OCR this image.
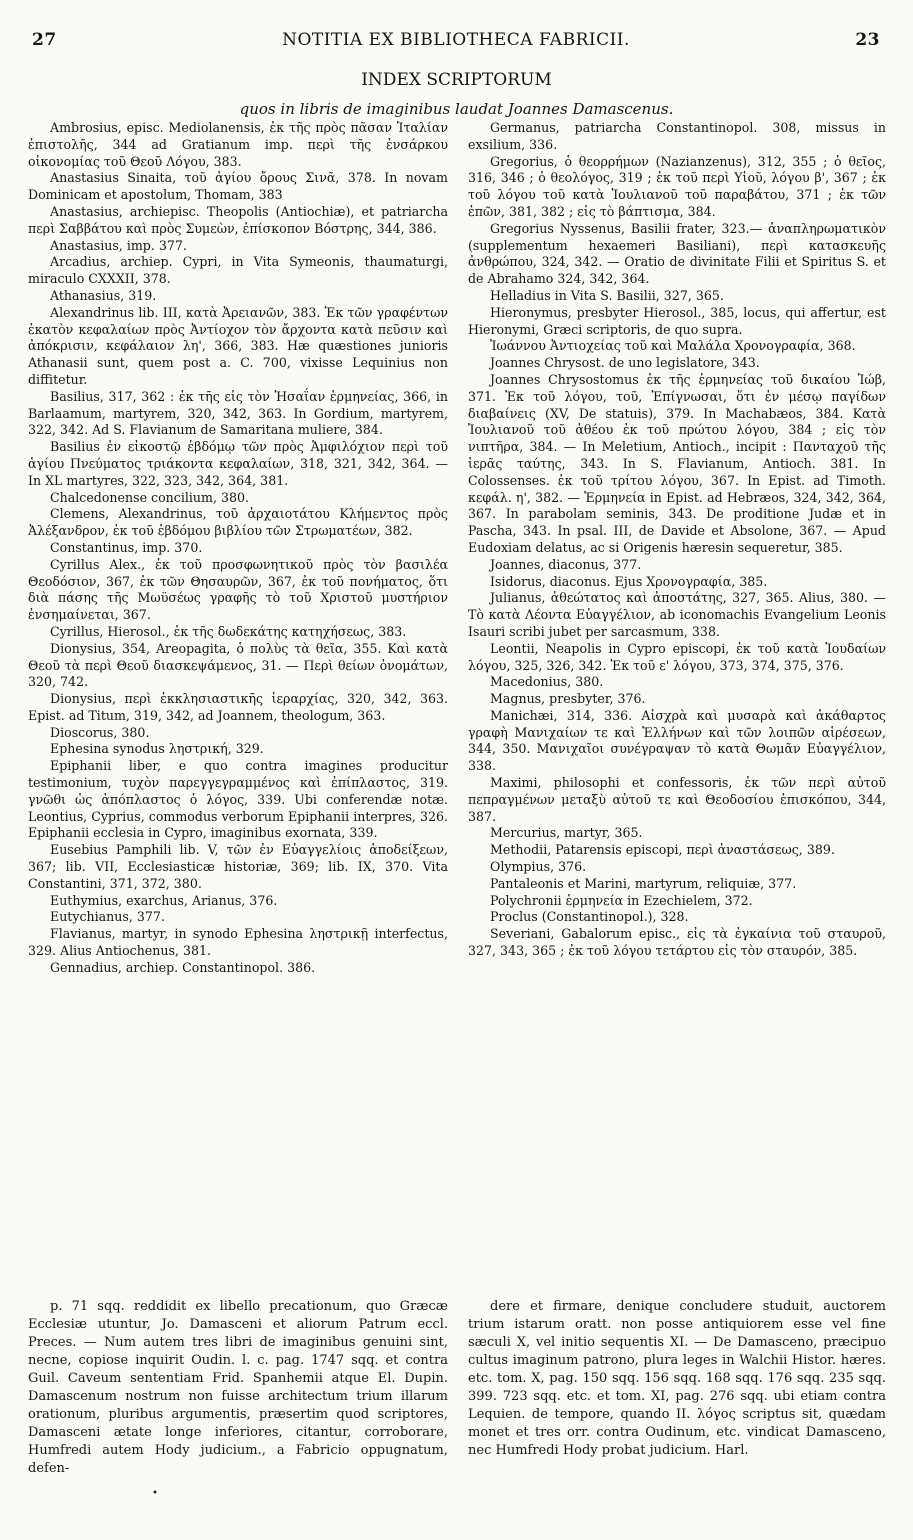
27	NOTITIA EX BIBLIOTHECA FABRICII.	23
INDEX SCRIPTORUM
quos in libris de imaginibus laudat Joannes Damascenus.

Ambrosius, episc. Mediolanensis, ἐκ τῆς πρὸς πᾶσαν Ἰταλίαν ἐπιστολῆς, 344 ad Gratianum imp. περὶ τῆς ἐνσάρκου οἰκονομίας τοῦ Θεοῦ Λόγου, 383.

Anastasius Sinaita, τοῦ ἁγίου ὄρους Σινᾶ, 378. In novam Dominicam et apostolum, Thomam, 383

Anastasius, archiepisc. Theopolis (Antiochiæ), et patriarcha περὶ Σαββάτου καὶ πρὸς Συμεὼν, ἐπίσκοπον Βόστρης, 344, 386.

Anastasius, imp. 377.

Arcadius, archiep. Cypri, in Vita Symeonis, thaumaturgi, miraculo CXXXII, 378.

Athanasius, 319.

Alexandrinus lib. III, κατὰ Ἀρειανῶν, 383. Ἐκ τῶν γραφέντων ἑκατὸν κεφαλαίων πρὸς Ἀντίοχον τὸν ἄρχοντα κατὰ πεῦσιν καὶ ἀπόκρισιν, κεφάλαιον λη', 366, 383. Hæ quæstiones junioris Athanasii sunt, quem post a. C. 700, vixisse Lequinius non diffitetur.

Basilius, 317, 362 : ἐκ τῆς εἰς τὸν Ἠσαΐαν ἑρμηνείας, 366, in Barlaamum, martyrem, 320, 342, 363. In Gordium, martyrem, 322, 342. Ad S. Flavianum de Samaritana muliere, 384.

Basilius ἐν εἰκοστῷ ἑβδόμῳ τῶν πρὸς Ἀμφιλόχιον περὶ τοῦ ἁγίου Πνεύματος τριάκοντα κεφαλαίων, 318, 321, 342, 364. — In XL martyres, 322, 323, 342, 364, 381.

Chalcedonense concilium, 380.

Clemens, Alexandrinus, τοῦ ἀρχαιοτάτου Κλήμεντος πρὸς Ἀλέξανδρον, ἐκ τοῦ ἑβδόμου βιβλίου τῶν Στρωματέων, 382.

Constantinus, imp. 370.

Cyrillus Alex., ἐκ τοῦ προσφωνητικοῦ πρὸς τὸν βασιλέα Θεοδόσιον, 367, ἐκ τῶν Θησαυρῶν, 367, ἐκ τοῦ πονήματος, ὅτι διὰ πάσης τῆς Μωϋσέως γραφῆς τὸ τοῦ Χριστοῦ μυστήριον ἐνσημαίνεται, 367.

Cyrillus, Hierosol., ἐκ τῆς δωδεκάτης κατηχήσεως, 383.

Dionysius, 354, Areopagita, ὁ πολὺς τὰ θεῖα, 355. Καὶ κατὰ Θεοῦ τὰ περὶ Θεοῦ διασκεψάμενος, 31. — Περὶ θείων ὀνομάτων, 320, 742.

Dionysius, περὶ ἐκκλησιαστικῆς ἱεραρχίας, 320, 342, 363. Epist. ad Titum, 319, 342, ad Joannem, theologum, 363.

Dioscorus, 380.

Ephesina synodus ληστρική, 329.

Epiphanii liber, e quo contra imagines producitur testimonium, τυχὸν παρεγγεγραμμένος καὶ ἐπίπλαστος, 319. γνῶθι ὡς ἀπόπλαστος ὁ λόγος, 339. Ubi conferendæ notæ. Leontius, Cyprius, commodus verborum Epiphanii interpres, 326. Epiphanii ecclesia in Cypro, imaginibus exornata, 339.

Eusebius Pamphili lib. V, τῶν ἐν Εὐαγγελίοις ἀποδείξεων, 367; lib. VII, Ecclesiasticæ historiæ, 369; lib. IX, 370. Vita Constantini, 371, 372, 380.

Euthymius, exarchus, Arianus, 376.

Eutychianus, 377.

Flavianus, martyr, in synodo Ephesina ληστρικῇ interfectus, 329. Alius Antiochenus, 381.

Gennadius, archiep. Constantinopol. 386.

Germanus, patriarcha Constantinopol. 308, missus in exsilium, 336.

Gregorius, ὁ θεορρήμων (Nazianzenus), 312, 355 ; ὁ θεῖος, 316, 346 ; ὁ θεολόγος, 319 ; ἐκ τοῦ περὶ Υἱοῦ, λόγου β', 367 ; ἐκ τοῦ λόγου τοῦ κατὰ Ἰουλιανοῦ τοῦ παραβάτου, 371 ; ἐκ τῶν ἐπῶν, 381, 382 ; εἰς τὸ βάπτισμα, 384.

Gregorius Nyssenus, Basilii frater, 323.— ἀναπληρωματικὸν (supplementum hexaemeri Basiliani), περὶ κατασκευῆς ἀνθρώπου, 324, 342. — Oratio de divinitate Filii et Spiritus S. et de Abrahamo 324, 342, 364.

Helladius in Vita S. Basilii, 327, 365.

Hieronymus, presbyter Hierosol., 385, locus, qui affertur, est Hieronymi, Græci scriptoris, de quo supra.

Ἰωάννου Ἀντιοχείας τοῦ καὶ Μαλάλα Χρονογραφία, 368.

Joannes Chrysost. de uno legislatore, 343.

Joannes Chrysostomus ἐκ τῆς ἑρμηνείας τοῦ δικαίου Ἰώβ, 371. Ἐκ τοῦ λόγου, τοῦ, Ἐπίγνωσαι, ὅτι ἐν μέσῳ παγίδων διαβαίνεις (XV, De statuis), 379. In Machabæos, 384. Κατὰ Ἰουλιανοῦ τοῦ ἀθέου ἐκ τοῦ πρώτου λόγου, 384 ; εἰς τὸν νιπτῆρα, 384. — In Meletium, Antioch., incipit : Πανταχοῦ τῆς ἱερᾶς ταύτης, 343. In S. Flavianum, Antioch. 381. In Colossenses. ἐκ τοῦ τρίτου λόγου, 367. In Epist. ad Timoth. κεφάλ. η', 382. — Ἑρμηνεία in Epist. ad Hebræos, 324, 342, 364, 367. In parabolam seminis, 343. De proditione Judæ et in Pascha, 343. In psal. III, de Davide et Absolone, 367. — Apud Eudoxiam delatus, ac si Origenis hæresin sequeretur, 385.

Joannes, diaconus, 377.

Isidorus, diaconus. Ejus Χρονογραφία, 385.

Julianus, ἀθεώτατος καὶ ἀποστάτης, 327, 365. Alius, 380. — Τὸ κατὰ Λέοντα Εὐαγγέλιον, ab iconomachis Evangelium Leonis Isauri scribi jubet per sarcasmum, 338.

Leontii, Neapolis in Cypro episcopi, ἐκ τοῦ κατὰ Ἰουδαίων λόγου, 325, 326, 342. Ἐκ τοῦ ε' λόγου, 373, 374, 375, 376.

Macedonius, 380.

Magnus, presbyter, 376.

Manichæi, 314, 336. Αἰσχρὰ καὶ μυσαρὰ καὶ ἀκάθαρτος γραφὴ Μανιχαίων τε καὶ Ἑλλήνων καὶ τῶν λοιπῶν αἱρέσεων, 344, 350. Μανιχαῖοι συνέγραψαν τὸ κατὰ Θωμᾶν Εὐαγγέλιον, 338.

Maximi, philosophi et confessoris, ἐκ τῶν περὶ αὐτοῦ πεπραγμένων μεταξὺ αὐτοῦ τε καὶ Θεοδοσίου ἐπισκόπου, 344, 387.

Mercurius, martyr, 365.

Methodii, Patarensis episcopi, περὶ ἀναστάσεως, 389.

Olympius, 376.

Pantaleonis et Marini, martyrum, reliquiæ, 377.

Polychronii ἑρμηνεία in Ezechielem, 372.

Proclus (Constantinopol.), 328.

Severiani, Gabalorum episc., εἰς τὰ ἐγκαίνια τοῦ σταυροῦ, 327, 343, 365 ; ἐκ τοῦ λόγου τετάρτου εἰς τὸν σταυρόν, 385.

p. 71 sqq. reddidit ex libello precationum, quo Græcæ Ecclesiæ utuntur, Jo. Damasceni et aliorum Patrum eccl. Preces. — Num autem tres libri de imaginibus genuini sint, necne, copiose inquirit Oudin. l. c. pag. 1747 sqq. et contra Guil. Caveum sententiam Frid. Spanhemii atque El. Dupin. Damascenum nostrum non fuisse architectum trium illarum orationum, pluribus argumentis, præsertim quod scriptores, Damasceni ætate longe inferiores, citantur, corroborare, Humfredi autem Hody judicium., a Fabricio oppugnatum, defen-

dere et firmare, denique concludere studuit, auctorem trium istarum oratt. non posse antiquiorem esse vel fine sæculi X, vel initio sequentis XI. — De Damasceno, præcipuo cultus imaginum patrono, plura leges in Walchii Histor. hæres. etc. tom. X, pag. 150 sqq. 156 sqq. 168 sqq. 176 sqq. 235 sqq. 399. 723 sqq. etc. et tom. XI, pag. 276 sqq. ubi etiam contra Lequien. de tempore, quando II. λόγος scriptus sit, quædam monet et tres orr. contra Oudinum, etc. vindicat Damasceno, nec Humfredi Hody probat judicium. Harl.

•
